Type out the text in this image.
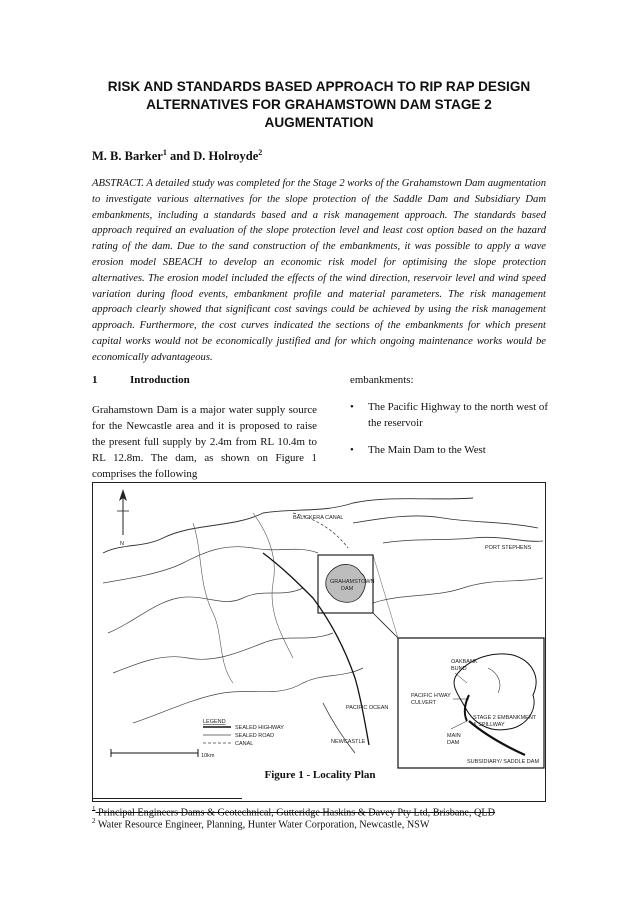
RISK AND STANDARDS BASED APPROACH TO RIP RAP DESIGN ALTERNATIVES FOR GRAHAMSTOWN DAM STAGE 2 AUGMENTATION
M. B. Barker$^1$ and D. Holroyde$^2$
ABSTRACT. A detailed study was completed for the Stage 2 works of the Grahamstown Dam augmentation to investigate various alternatives for the slope protection of the Saddle Dam and Subsidiary Dam embankments, including a standards based and a risk management approach. The standards based approach required an evaluation of the slope protection level and least cost option based on the hazard rating of the dam. Due to the sand construction of the embankments, it was possible to apply a wave erosion model SBEACH to develop an economic risk model for optimising the slope protection alternatives. The erosion model included the effects of the wind direction, reservoir level and wind speed variation during flood events, embankment profile and material parameters. The risk management approach clearly showed that significant cost savings could be achieved by using the risk management approach. Furthermore, the cost curves indicated the sections of the embankments for which present capital works would not be economically justified and for which ongoing maintenance works would be economically advantageous.
1	Introduction
Grahamstown Dam is a major water supply source for the Newcastle area and it is proposed to raise the present full supply by 2.4m from RL 10.4m to RL 12.8m. The dam, as shown on Figure 1 comprises the following
embankments:
• The Pacific Highway to the north west of the reservoir
• The Main Dam to the West
PORT STEPHENS
GRAHAMSTOWN
DAM
PACIFIC OCEAN
NEWCASTLE
BALICKERA CANAL
LEGEND
SEALED HIGHWAY
SEALED ROAD
CANAL
10km
OAKBANK
BUND
PACIFIC H'WAY
CULVERT
STAGE 2 EMBANKMENT
& SPILLWAY
MAIN
DAM
SUBSIDIARY/ SADDLE DAM
N
Figure 1 - Locality Plan
$^1$ Principal Engineers Dams & Geotechnical, Gutteridge Haskins & Davey Pty Ltd, Brisbane, QLD
$^2$ Water Resource Engineer, Planning, Hunter Water Corporation, Newcastle, NSW
